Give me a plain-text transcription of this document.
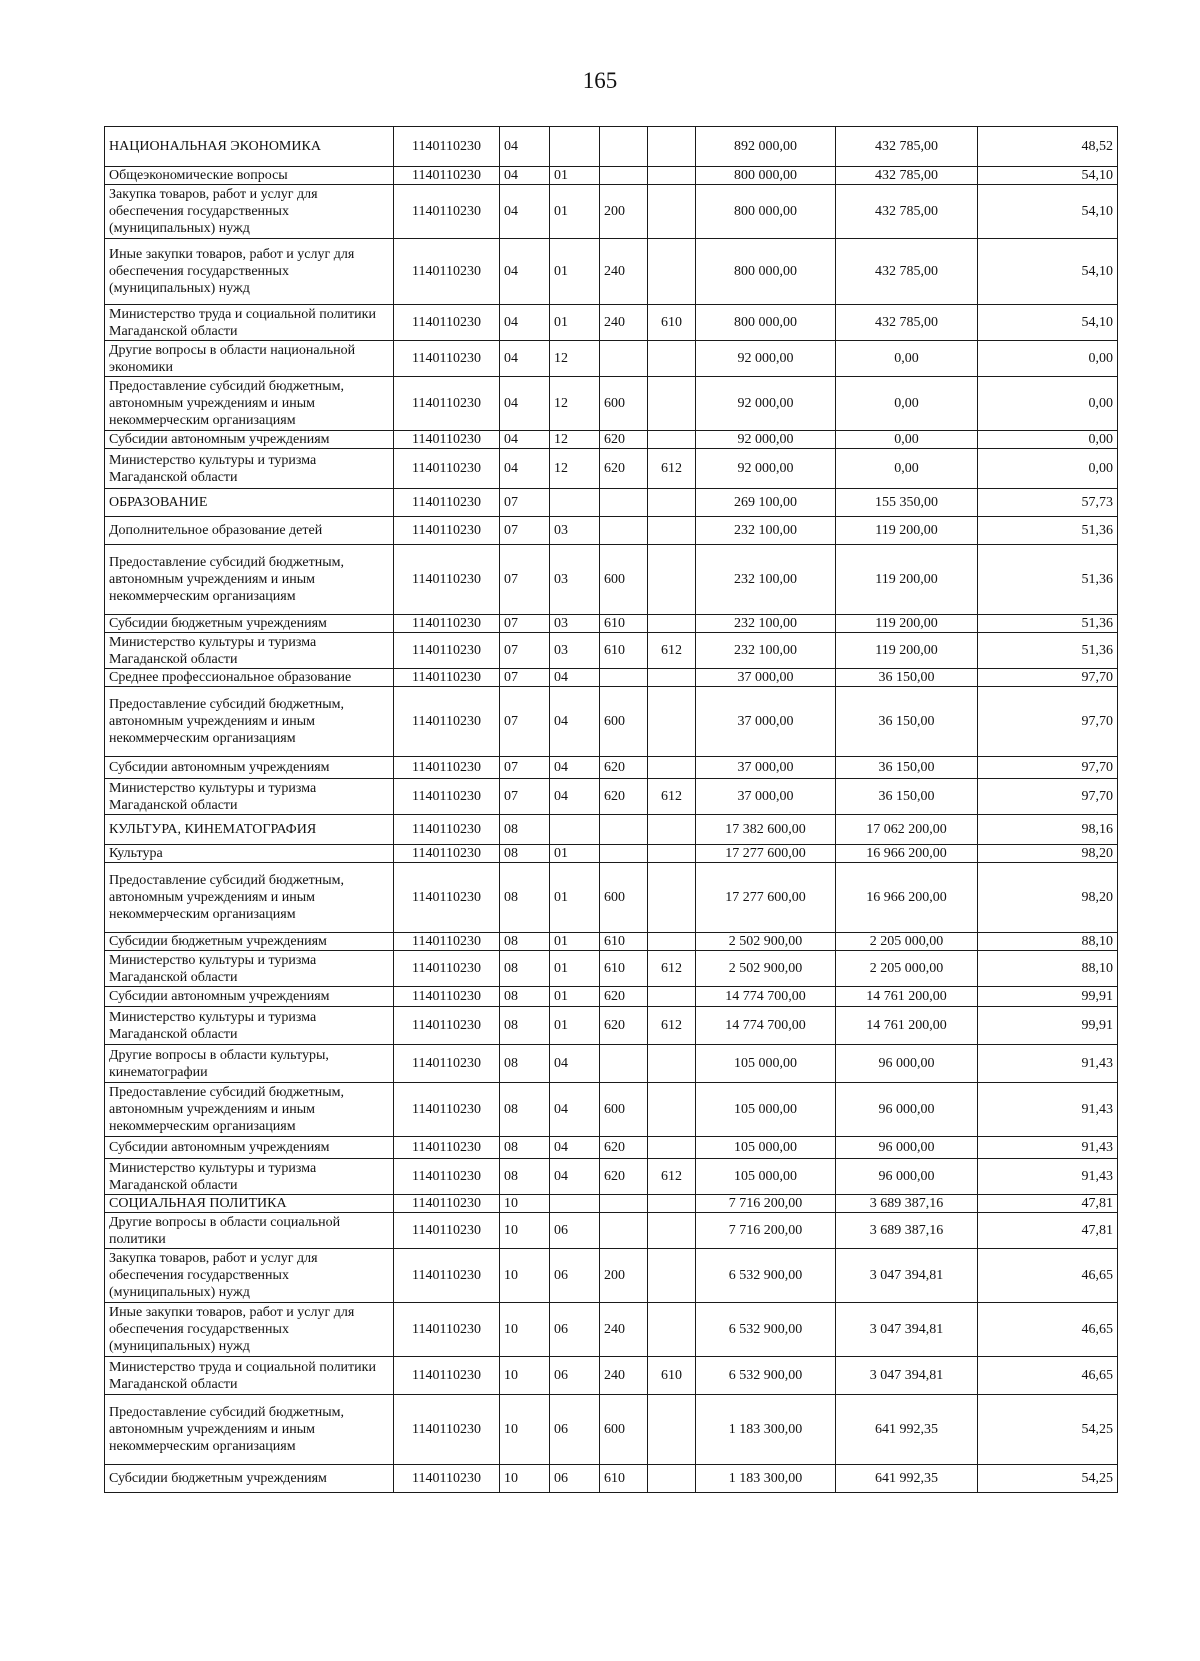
165
НАЦИОНАЛЬНАЯ ЭКОНОМИКА	1140110230	04				892 000,00	432 785,00	48,52
Общеэкономические вопросы	1140110230	04	01			800 000,00	432 785,00	54,10
Закупка товаров, работ и услуг для обеспечения государственных (муниципальных) нужд	1140110230	04	01	200		800 000,00	432 785,00	54,10
Иные закупки товаров, работ и услуг для обеспечения государственных (муниципальных) нужд	1140110230	04	01	240		800 000,00	432 785,00	54,10
Министерство труда и социальной политики Магаданской области	1140110230	04	01	240	610	800 000,00	432 785,00	54,10
Другие вопросы в области национальной экономики	1140110230	04	12			92 000,00	0,00	0,00
Предоставление субсидий бюджетным, автономным учреждениям и иным некоммерческим организациям	1140110230	04	12	600		92 000,00	0,00	0,00
Субсидии автономным учреждениям	1140110230	04	12	620		92 000,00	0,00	0,00
Министерство культуры и туризма Магаданской области	1140110230	04	12	620	612	92 000,00	0,00	0,00
ОБРАЗОВАНИЕ	1140110230	07				269 100,00	155 350,00	57,73
Дополнительное образование детей	1140110230	07	03			232 100,00	119 200,00	51,36
Предоставление субсидий бюджетным, автономным учреждениям и иным некоммерческим организациям	1140110230	07	03	600		232 100,00	119 200,00	51,36
Субсидии бюджетным учреждениям	1140110230	07	03	610		232 100,00	119 200,00	51,36
Министерство культуры и туризма Магаданской области	1140110230	07	03	610	612	232 100,00	119 200,00	51,36
Среднее профессиональное образование	1140110230	07	04			37 000,00	36 150,00	97,70
Предоставление субсидий бюджетным, автономным учреждениям и иным некоммерческим организациям	1140110230	07	04	600		37 000,00	36 150,00	97,70
Субсидии автономным учреждениям	1140110230	07	04	620		37 000,00	36 150,00	97,70
Министерство культуры и туризма Магаданской области	1140110230	07	04	620	612	37 000,00	36 150,00	97,70
КУЛЬТУРА, КИНЕМАТОГРАФИЯ	1140110230	08				17 382 600,00	17 062 200,00	98,16
Культура	1140110230	08	01			17 277 600,00	16 966 200,00	98,20
Предоставление субсидий бюджетным, автономным учреждениям и иным некоммерческим организациям	1140110230	08	01	600		17 277 600,00	16 966 200,00	98,20
Субсидии бюджетным учреждениям	1140110230	08	01	610		2 502 900,00	2 205 000,00	88,10
Министерство культуры и туризма Магаданской области	1140110230	08	01	610	612	2 502 900,00	2 205 000,00	88,10
Субсидии автономным учреждениям	1140110230	08	01	620		14 774 700,00	14 761 200,00	99,91
Министерство культуры и туризма Магаданской области	1140110230	08	01	620	612	14 774 700,00	14 761 200,00	99,91
Другие вопросы в области культуры, кинематографии	1140110230	08	04			105 000,00	96 000,00	91,43
Предоставление субсидий бюджетным, автономным учреждениям и иным некоммерческим организациям	1140110230	08	04	600		105 000,00	96 000,00	91,43
Субсидии автономным учреждениям	1140110230	08	04	620		105 000,00	96 000,00	91,43
Министерство культуры и туризма Магаданской области	1140110230	08	04	620	612	105 000,00	96 000,00	91,43
СОЦИАЛЬНАЯ ПОЛИТИКА	1140110230	10				7 716 200,00	3 689 387,16	47,81
Другие вопросы в области социальной политики	1140110230	10	06			7 716 200,00	3 689 387,16	47,81
Закупка товаров, работ и услуг для обеспечения государственных (муниципальных) нужд	1140110230	10	06	200		6 532 900,00	3 047 394,81	46,65
Иные закупки товаров, работ и услуг для обеспечения государственных (муниципальных) нужд	1140110230	10	06	240		6 532 900,00	3 047 394,81	46,65
Министерство труда и социальной политики Магаданской области	1140110230	10	06	240	610	6 532 900,00	3 047 394,81	46,65
Предоставление субсидий бюджетным, автономным учреждениям и иным некоммерческим организациям	1140110230	10	06	600		1 183 300,00	641 992,35	54,25
Субсидии бюджетным учреждениям	1140110230	10	06	610		1 183 300,00	641 992,35	54,25
